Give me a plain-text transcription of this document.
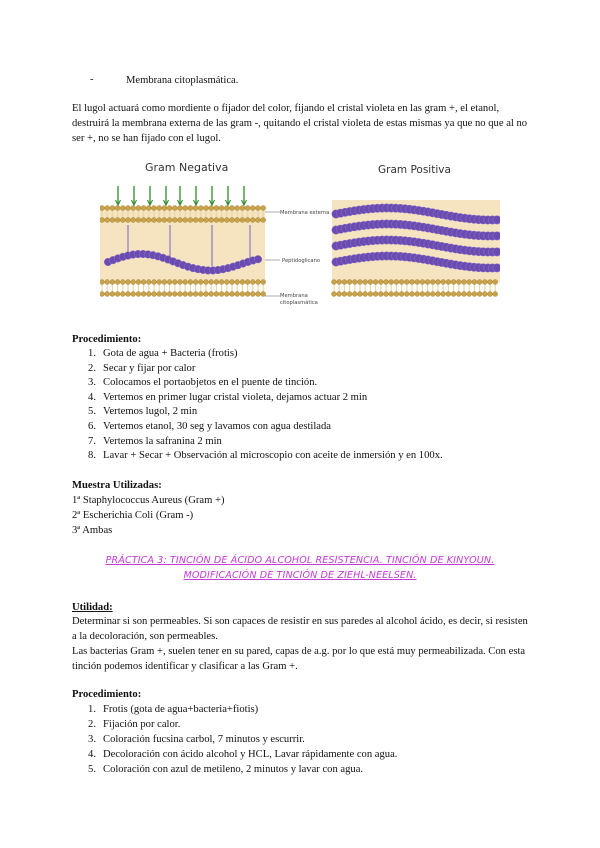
-	Membrana citoplasmática.
El lugol actuará como mordiente o fijador del color, fijando el cristal violeta en las gram +, el etanol, destruirá la membrana externa de las gram -, quitando el cristal violeta de estas mismas ya que no que al no ser +, no se han fijado con el lugol.
Gram Negativa	Gram Positiva
Membrana externa
Peptidoglicano
Membrana
citoplasmática
Procedimiento:
1. Gota de agua + Bacteria (frotis)
2. Secar y fijar por calor
3. Colocamos el portaobjetos en el puente de tinción.
4. Vertemos en primer lugar cristal violeta, dejamos actuar 2 min
5. Vertemos lugol, 2 min
6. Vertemos etanol, 30 seg y lavamos con agua destilada
7. Vertemos la safranina 2 min
8. Lavar + Secar + Observación al microscopio con aceite de inmersión y en 100x.
Muestra Utilizadas:
1ª Staphylococcus Aureus (Gram +)
2ª Escherichia Coli (Gram -)
3ª Ambas
PRÁCTICA 3: TINCIÓN DE ÁCIDO ALCOHOL RESISTENCIA. TINCIÓN DE KINYOUN. MODIFICACIÓN DE TINCIÓN DE ZIEHL-NEELSEN.
Utilidad:
Determinar si son permeables. Si son capaces de resistir en sus paredes al alcohol ácido, es decir, si resisten a la decoloración, son permeables.
Las bacterias Gram +, suelen tener en su pared, capas de a.g. por lo que está muy permeabilizada. Con esta tinción podemos identificar y clasificar a las Gram +.
Procedimiento:
1. Frotis (gota de agua+bacteria+fiotis)
2. Fijación por calor.
3. Coloración fucsina carbol, 7 minutos y escurrir.
4. Decoloración con ácido alcohol y HCL, Lavar rápidamente con agua.
5. Coloración con azul de metileno, 2 minutos y lavar con agua.
